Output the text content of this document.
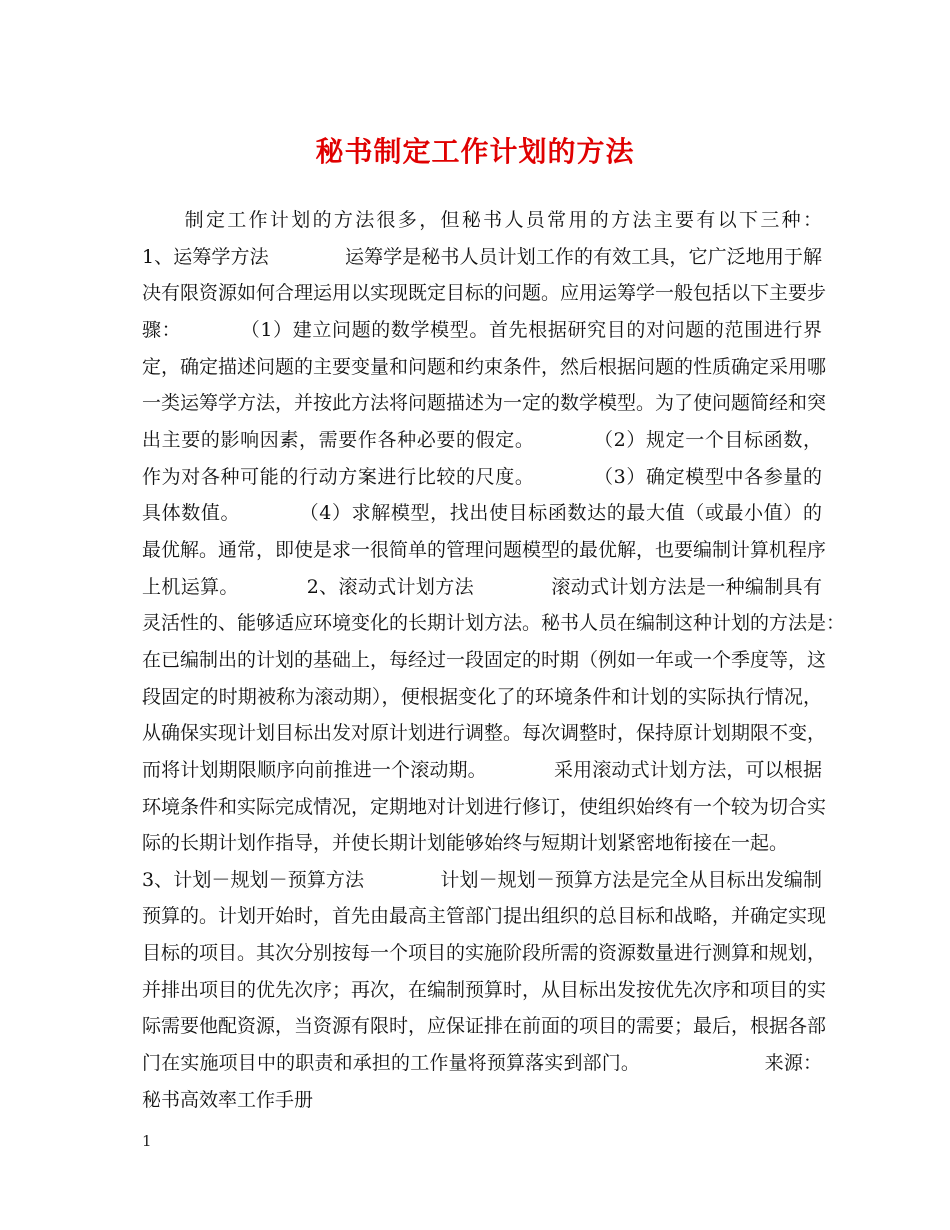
秘书制定工作计划的方法
　　制定工作计划的方法很多，但秘书人员常用的方法主要有以下三种：
1、运筹学方法　　　　运筹学是秘书人员计划工作的有效工具，它广泛地用于解
决有限资源如何合理运用以实现既定目标的问题。应用运筹学一般包括以下主要步
骤：　　　　（1）建立问题的数学模型。首先根据研究目的对问题的范围进行界
定，确定描述问题的主要变量和问题和约束条件，然后根据问题的性质确定采用哪
一类运筹学方法，并按此方法将问题描述为一定的数学模型。为了使问题简经和突
出主要的影响因素，需要作各种必要的假定。　　　　（2）规定一个目标函数，
作为对各种可能的行动方案进行比较的尺度。　　　　（3）确定模型中各参量的
具体数值。　　　　（4）求解模型，找出使目标函数达的最大值（或最小值）的
最优解。通常，即使是求一很简单的管理问题模型的最优解，也要编制计算机程序
上机运算。　　　　2、滚动式计划方法　　　　滚动式计划方法是一种编制具有
灵活性的、能够适应环境变化的长期计划方法。秘书人员在编制这种计划的方法是：
在已编制出的计划的基础上，每经过一段固定的时期（例如一年或一个季度等，这
段固定的时期被称为滚动期），便根据变化了的环境条件和计划的实际执行情况，
从确保实现计划目标出发对原计划进行调整。每次调整时，保持原计划期限不变，
而将计划期限顺序向前推进一个滚动期。　　　　采用滚动式计划方法，可以根据
环境条件和实际完成情况，定期地对计划进行修订，使组织始终有一个较为切合实
际的长期计划作指导，并使长期计划能够始终与短期计划紧密地衔接在一起。
3、计划－规划－预算方法　　　　计划－规划－预算方法是完全从目标出发编制
预算的。计划开始时，首先由最高主管部门提出组织的总目标和战略，并确定实现
目标的项目。其次分别按每一个项目的实施阶段所需的资源数量进行测算和规划，
并排出项目的优先次序；再次，在编制预算时，从目标出发按优先次序和项目的实
际需要他配资源，当资源有限时，应保证排在前面的项目的需要；最后，根据各部
门在实施项目中的职责和承担的工作量将预算落实到部门。　　　　　　　来源：
秘书高效率工作手册
1
